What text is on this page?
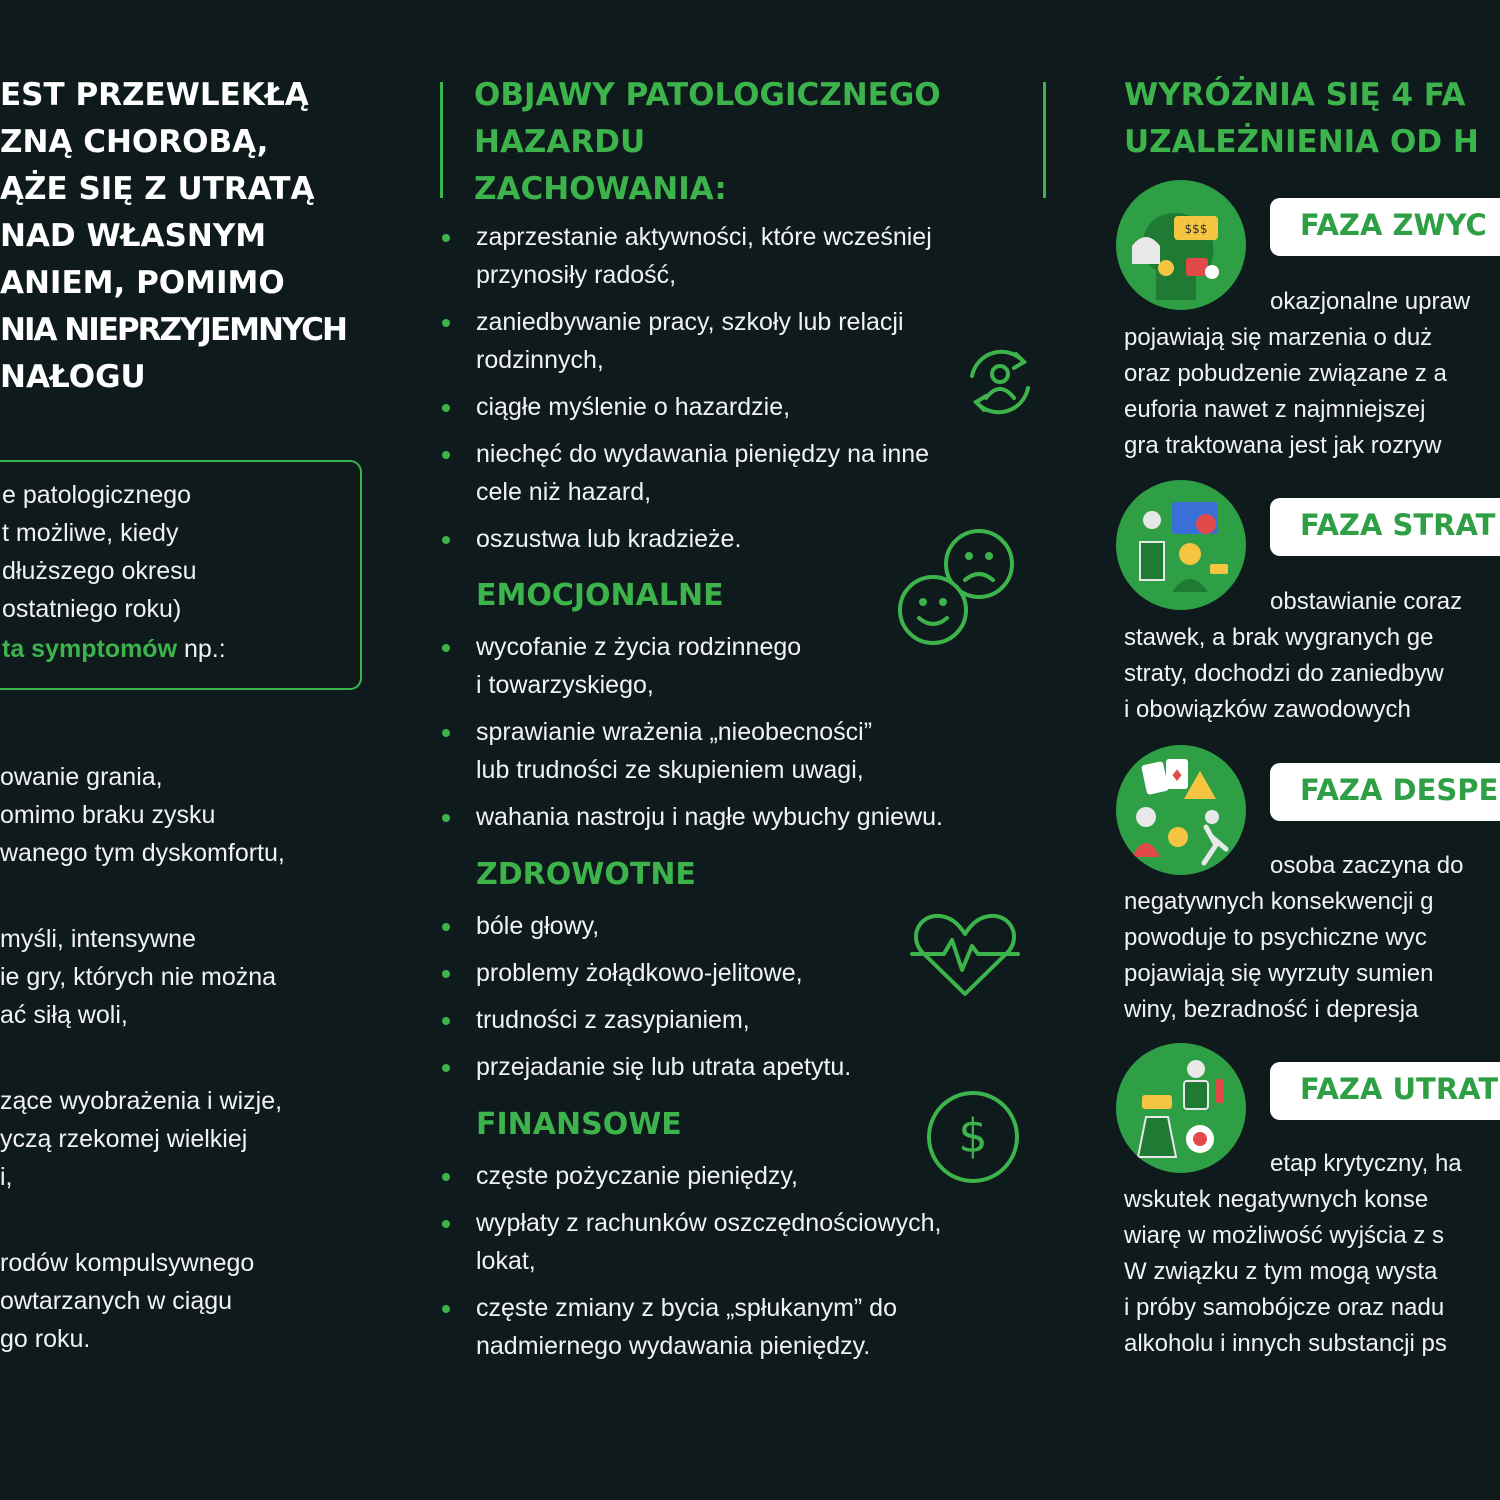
EST PRZEWLEKŁĄ
ZNĄ CHOROBĄ,
ĄŻE SIĘ Z UTRATĄ
NAD WŁASNYM
ANIEM, POMIMO
NIA NIEPRZYJEMNYCH
NAŁOGU

e patologicznego

t możliwe, kiedy

dłuższego okresu

ostatniego roku)

ta symptomów np.:

owanie grania,

omimo braku zysku

wanego tym dyskomfortu,

myśli, intensywne

ie gry, których nie można

ać siłą woli,

zące wyobrażenia i wizje,

yczą rzekomej wielkiej

i,

rodów kompulsywnego

owtarzanych w ciągu

go roku.

OBJAWY PATOLOGICZNEGO
HAZARDU
ZACHOWANIA:
zaprzestanie aktywności, które wcześniej
przynosiły radość,
zaniedbywanie pracy, szkoły lub relacji
rodzinnych,
ciągłe myślenie o hazardzie,
niechęć do wydawania pieniędzy na inne
cele niż hazard,
oszustwa lub kradzieże.
EMOCJONALNE
wycofanie z życia rodzinnego
i towarzyskiego,
sprawianie wrażenia „nieobecności”
lub trudności ze skupieniem uwagi,
wahania nastroju i nagłe wybuchy gniewu.
ZDROWOTNE
bóle głowy,
problemy żołądkowo-jelitowe,
trudności z zasypianiem,
przejadanie się lub utrata apetytu.
FINANSOWE
częste pożyczanie pieniędzy,
wypłaty z rachunków oszczędnościowych,
lokat,
częste zmiany z bycia „spłukanym” do
nadmiernego wydawania pieniędzy.
$
WYRÓŻNIA SIĘ 4 FA
UZALEŻNIENIA OD H
$$$	FAZA ZWYC
okazjonalne upraw
pojawiają się marzenia o duż
oraz pobudzenie związane z a
euforia nawet z najmniejszej
gra traktowana jest jak rozryw
FAZA STRAT
obstawianie coraz
stawek, a brak wygranych ge
straty, dochodzi do zaniedbyw
i obowiązków zawodowych
♦	FAZA DESPE
osoba zaczyna do
negatywnych konsekwencji g
powoduje to psychiczne wyc
pojawiają się wyrzuty sumien
winy, bezradność i depresja
FAZA UTRAT
etap krytyczny, ha
wskutek negatywnych konse
wiarę w możliwość wyjścia z s
W związku z tym mogą wysta
i próby samobójcze oraz nadu
alkoholu i innych substancji ps
